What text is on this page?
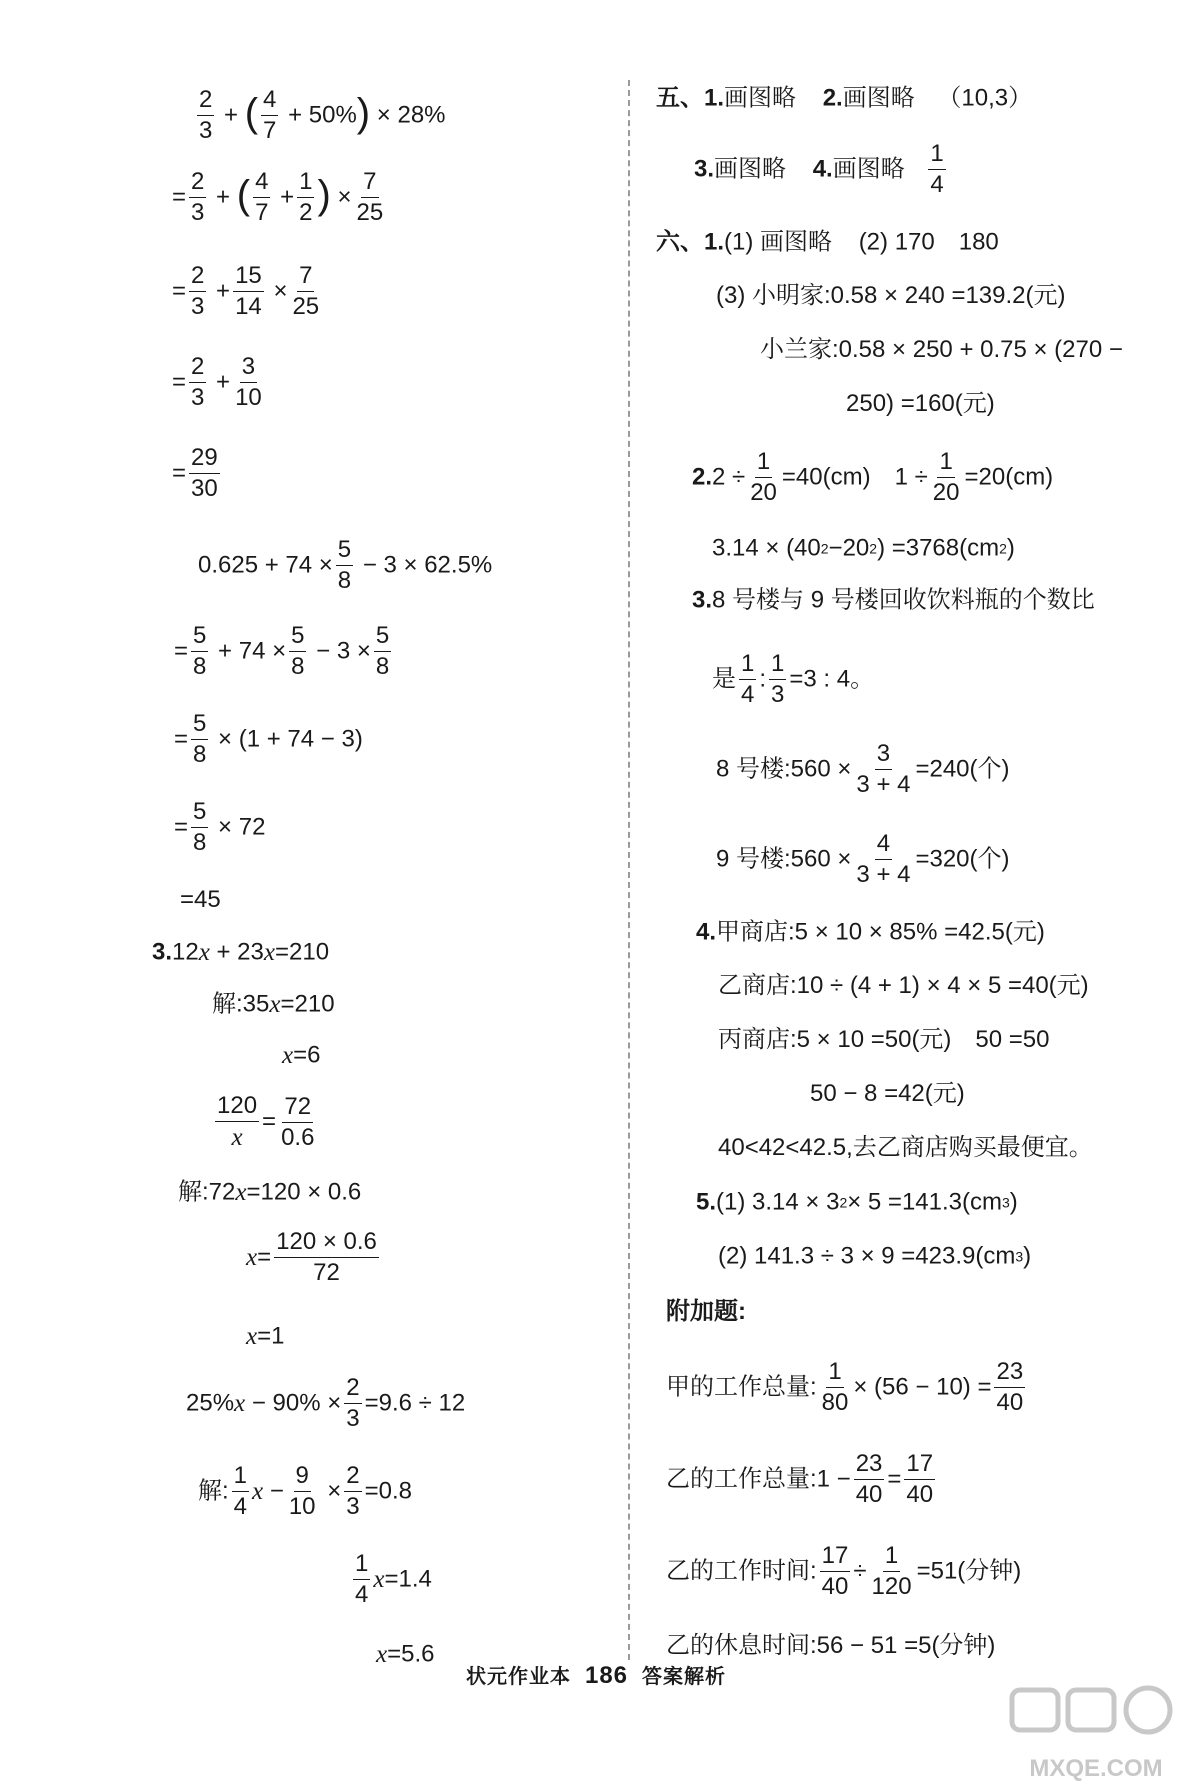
$\frac{2}{3}$ + ( $\frac{4}{7} + 50\%) \times 28\%$
= $\frac{2}{3}$ + ( $\frac{4}{7} + \frac{1}{2}$ ) × $\frac{7}{25}$
= $\frac{2}{3} + \frac{15}{14} \times \frac{7}{25}$
= $\frac{2}{3} + \frac{3}{10}$
= $\frac{29}{30}$
$0.625 + 74 \times \frac{5}{8} - 3 \times 62.5\%$
= $\frac{5}{8} + 74 \times \frac{5}{8} - 3 \times \frac{5}{8}$
= $\frac{5}{8} \times (1 + 74 - 3)$
= $\frac{5}{8} \times 72$
=45
3.12x + 23x=210
解:35x=210
x=6
$\frac{120}{x} = \frac{72}{0.6}$
解:72x=120 × 0.6
$x= \frac{120 \times 0.6}{72}$
x=1
$25\%x - 90\% \times \frac{2}{3} =9.6 \div 12$
解: $\frac{1}{4}$ $x - \frac{9}{10} \times \frac{2}{3} =0.8$
$\frac{1}{4} x=1.4$
x=5.6
五、1.画图略 2.画图略 （10,3）
3.画图略 4.画图略 $\frac{1}{4}$
六、1.(1) 画图略 (2) 170　180
(3) 小明家:0.58 × 240 =139.2(元)
小兰家:0.58 × 250 + 0.75 × (270 −
250) =160(元)
$2.2 \div \frac{1}{20} =40(cm)$　$1 \div \frac{1}{20} =20(cm)$
3.14 × (402−202) =3768(cm2)
3.8 号楼与 9 号楼回收饮料瓶的个数比
是 $\frac{1}{4}$ : $\frac{1}{3} =3$ : 4。
8 号楼:560 × $\frac{3}{3 + 4} =240$(个)
9 号楼:560 × $\frac{4}{3 + 4} =320$(个)
4.甲商店:5 × 10 × 85% =42.5(元)
乙商店:10 ÷ (4 + 1) × 4 × 5 =40(元)
丙商店:5 × 10 =50(元)　50 =50
50 − 8 =42(元)
40<42<42.5,去乙商店购买最便宜。
5.(1) 3.14 × 32× 5 =141.3(cm3)
(2) 141.3 ÷ 3 × 9 =423.9(cm3)
附加题:
甲的工作总量: $\frac{1}{80} \times (56 - 10) = \frac{23}{40}$
乙的工作总量:1 − $\frac{23}{40} = \frac{17}{40}$
乙的工作时间: $\frac{17}{40} \div \frac{1}{120} =51$(分钟)
乙的休息时间:56 − 51 =5(分钟)
状元作业本 186 答案解析
MXQE.COM
